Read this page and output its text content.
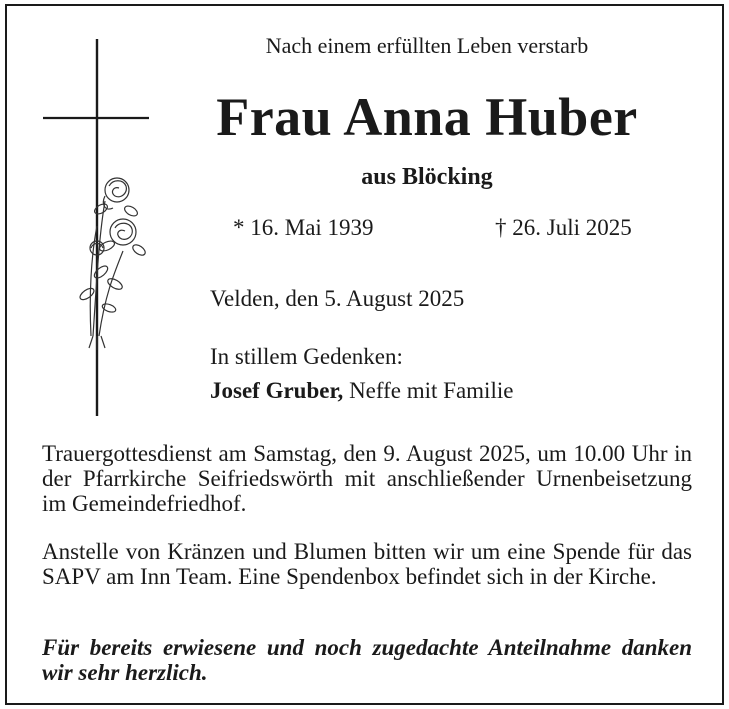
Nach einem erfüllten Leben verstarb
Frau Anna Huber
aus Blöcking
* 16. Mai 1939	† 26. Juli 2025
Velden, den 5. August 2025
In stillem Gedenken:
Josef Gruber, Neffe mit Familie
Trauergottesdienst am Samstag, den 9. August 2025, um 10.00 Uhr in der Pfarrkirche Seifriedswörth mit anschließender Urnenbeisetzung im Gemeindefriedhof.
Anstelle von Kränzen und Blumen bitten wir um eine Spende für das SAPV am Inn Team. Eine Spendenbox befindet sich in der Kirche.
Für bereits erwiesene und noch zugedachte Anteilnahme danken wir sehr herzlich.
